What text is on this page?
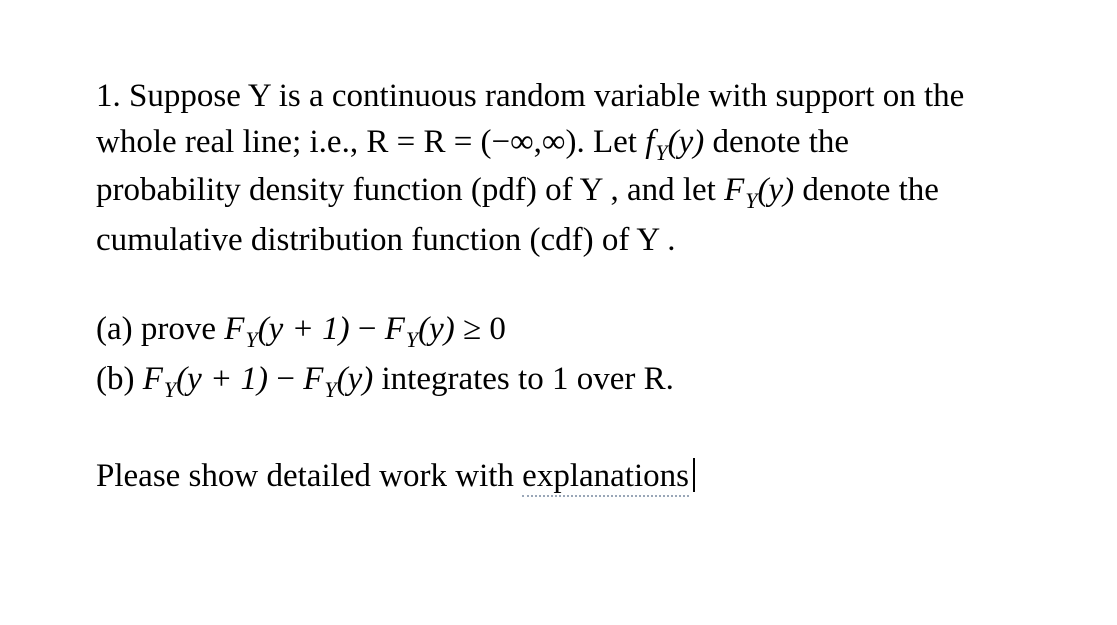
1. Suppose Y is a continuous random variable with support on the
whole real line; i.e., R = R = (−∞,∞). Let $f_Y(y)$ denote the
probability density function (pdf) of Y , and let $F_Y(y)$ denote the
cumulative distribution function (cdf) of Y .
(a) prove $F_Y(y + 1) - F_Y(y) \ge 0$
(b) $F_Y(y + 1) - F_Y(y)$ integrates to 1 over R.
Please show detailed work with explanations
